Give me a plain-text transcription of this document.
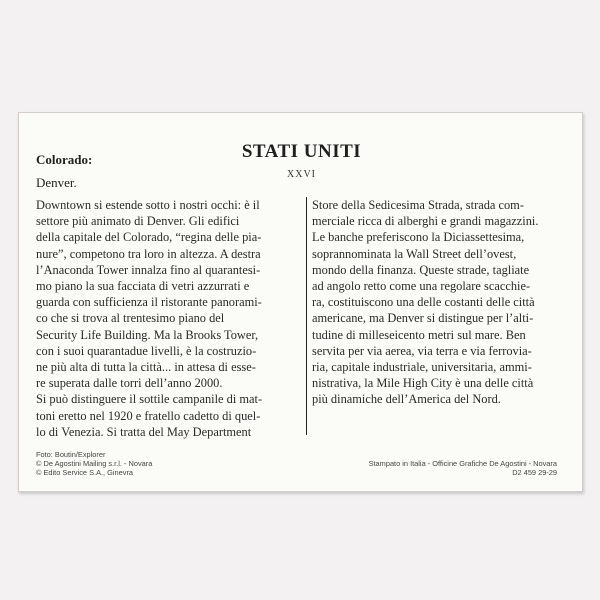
STATI UNITI
XXVI
Colorado:
Denver.
Downtown si estende sotto i nostri occhi: è il
settore più animato di Denver. Gli edifici
della capitale del Colorado, “regina delle pia-
nure”, competono tra loro in altezza. A destra
l’Anaconda Tower innalza fino al quarantesi-
mo piano la sua facciata di vetri azzurrati e
guarda con sufficienza il ristorante panorami-
co che si trova al trentesimo piano del
Security Life Building. Ma la Brooks Tower,
con i suoi quarantadue livelli, è la costruzio-
ne più alta di tutta la città... in attesa di esse-
re superata dalle torri dell’anno 2000.
Si può distinguere il sottile campanile di mat-
toni eretto nel 1920 e fratello cadetto di quel-
lo di Venezia. Si tratta del May Department
Store della Sedicesima Strada, strada com-
merciale ricca di alberghi e grandi magazzini.
Le banche preferiscono la Diciassettesima,
soprannominata la Wall Street dell’ovest,
mondo della finanza. Queste strade, tagliate
ad angolo retto come una regolare scacchie-
ra, costituiscono una delle costanti delle città
americane, ma Denver si distingue per l’alti-
tudine di milleseicento metri sul mare. Ben
servita per via aerea, via terra e via ferrovia-
ria, capitale industriale, universitaria, ammi-
nistrativa, la Mile High City è una delle città
più dinamiche dell’America del Nord.
Foto: Boutin/Explorer
© De Agostini Mailing s.r.l. - Novara
© Edito Service S.A., Ginevra
Stampato in Italia - Officine Grafiche De Agostini - Novara
D2 459 29-29
